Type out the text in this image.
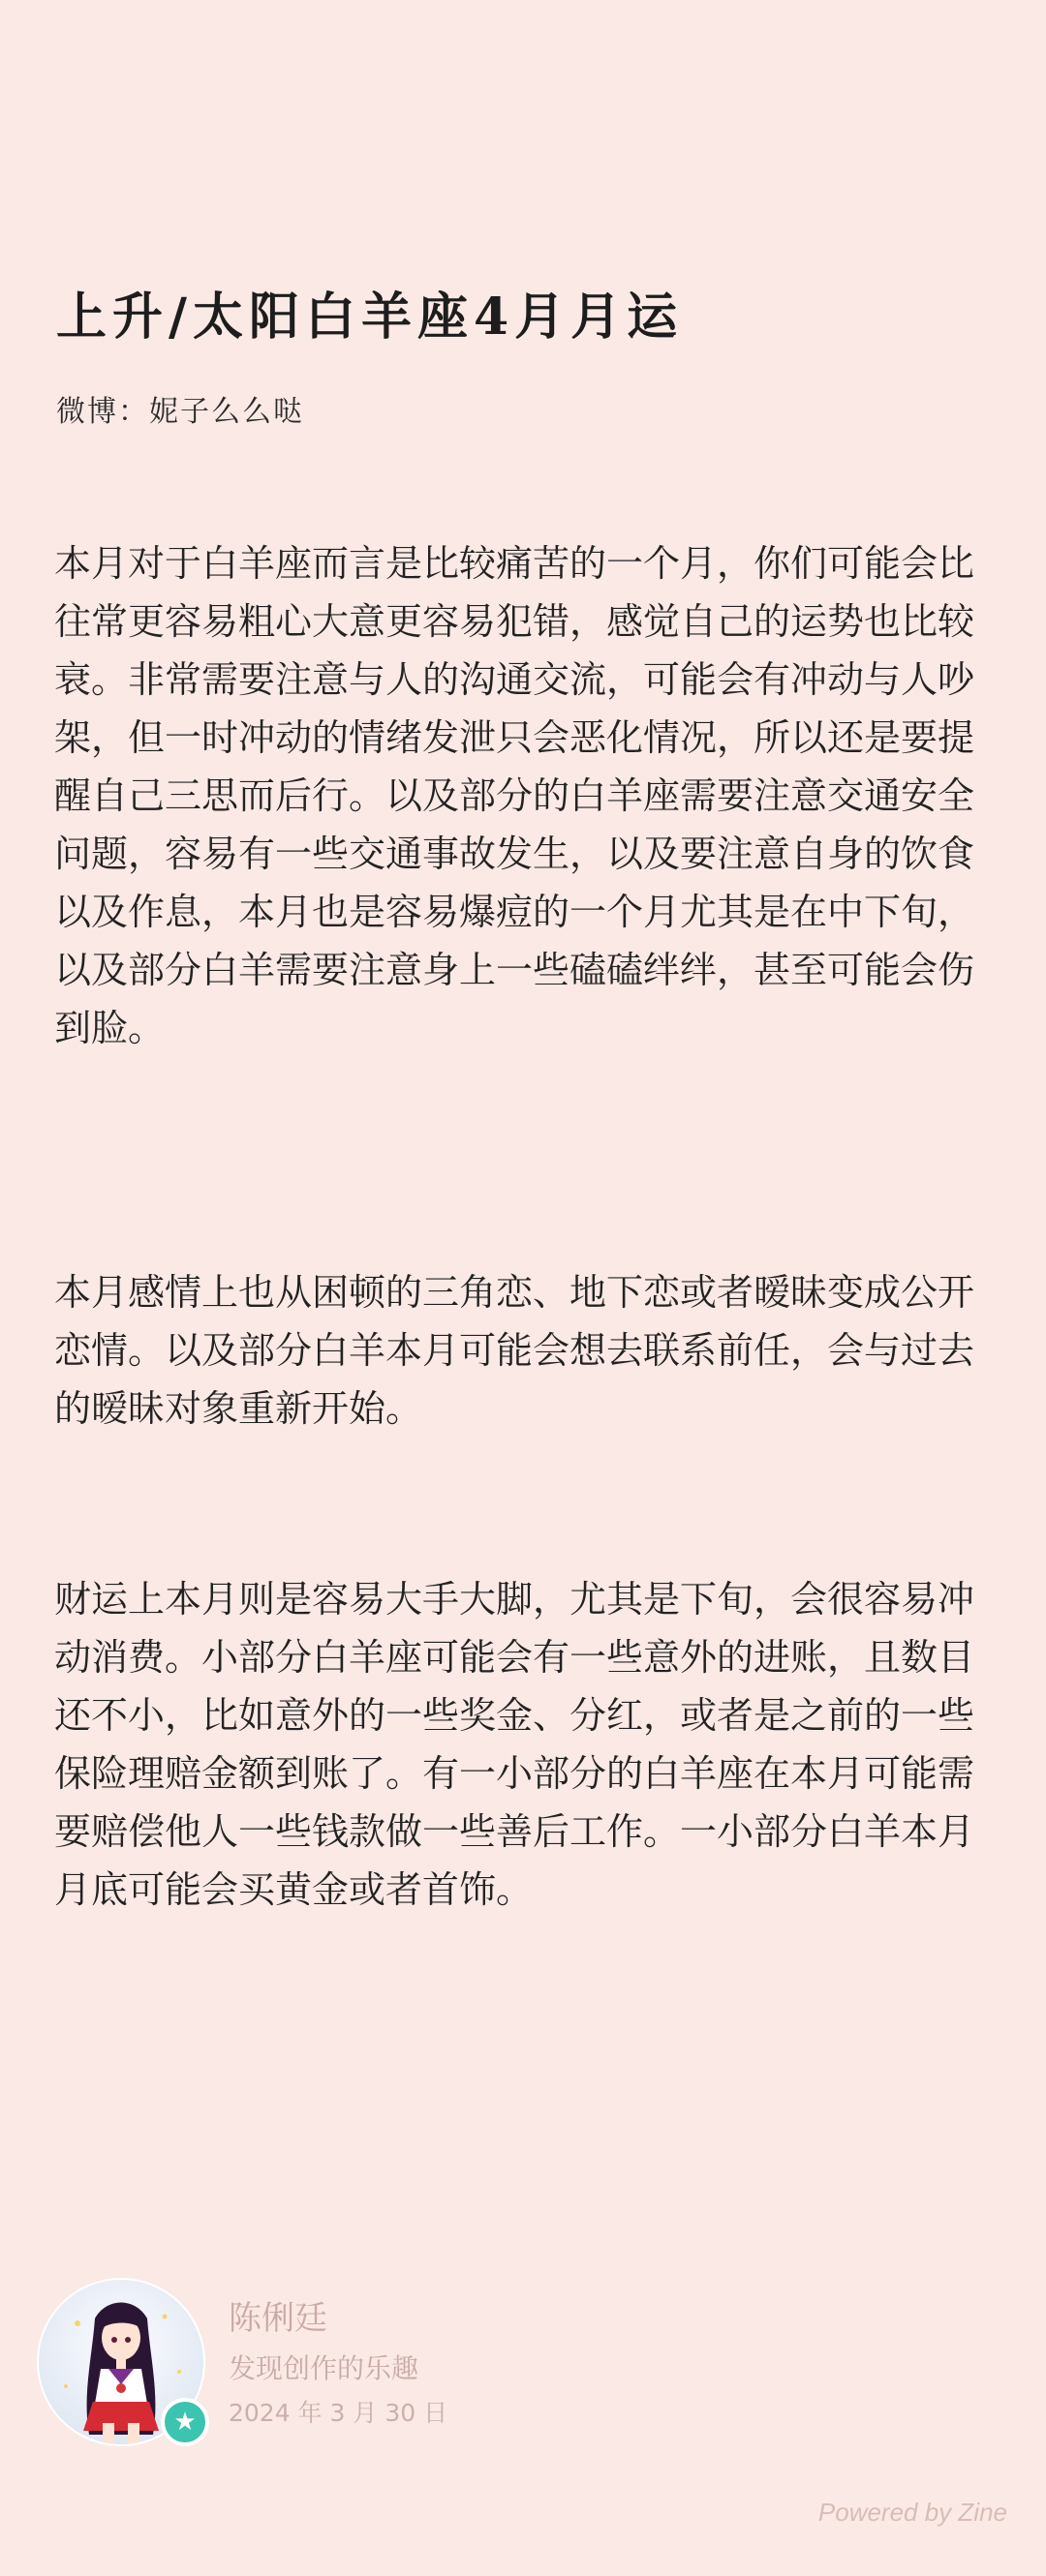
上升/太阳白羊座4月月运
微博：妮子么么哒

本月对于白羊座而言是比较痛苦的一个月，你们可能会比往常更容易粗心大意更容易犯错，感觉自己的运势也比较衰。非常需要注意与人的沟通交流，可能会有冲动与人吵架，但一时冲动的情绪发泄只会恶化情况，所以还是要提醒自己三思而后行。以及部分的白羊座需要注意交通安全问题，容易有一些交通事故发生，以及要注意自身的饮食以及作息，本月也是容易爆痘的一个月尤其是在中下旬，以及部分白羊需要注意身上一些磕磕绊绊，甚至可能会伤到脸。

本月感情上也从困顿的三角恋、地下恋或者暧昧变成公开恋情。以及部分白羊本月可能会想去联系前任，会与过去的暧昧对象重新开始。

财运上本月则是容易大手大脚，尤其是下旬，会很容易冲动消费。小部分白羊座可能会有一些意外的进账，且数目还不小，比如意外的一些奖金、分红，或者是之前的一些保险理赔金额到账了。有一小部分的白羊座在本月可能需要赔偿他人一些钱款做一些善后工作。一小部分白羊本月月底可能会买黄金或者首饰。

★
陈俐廷
发现创作的乐趣
2024 年 3 月 30 日
Powered by Zine
